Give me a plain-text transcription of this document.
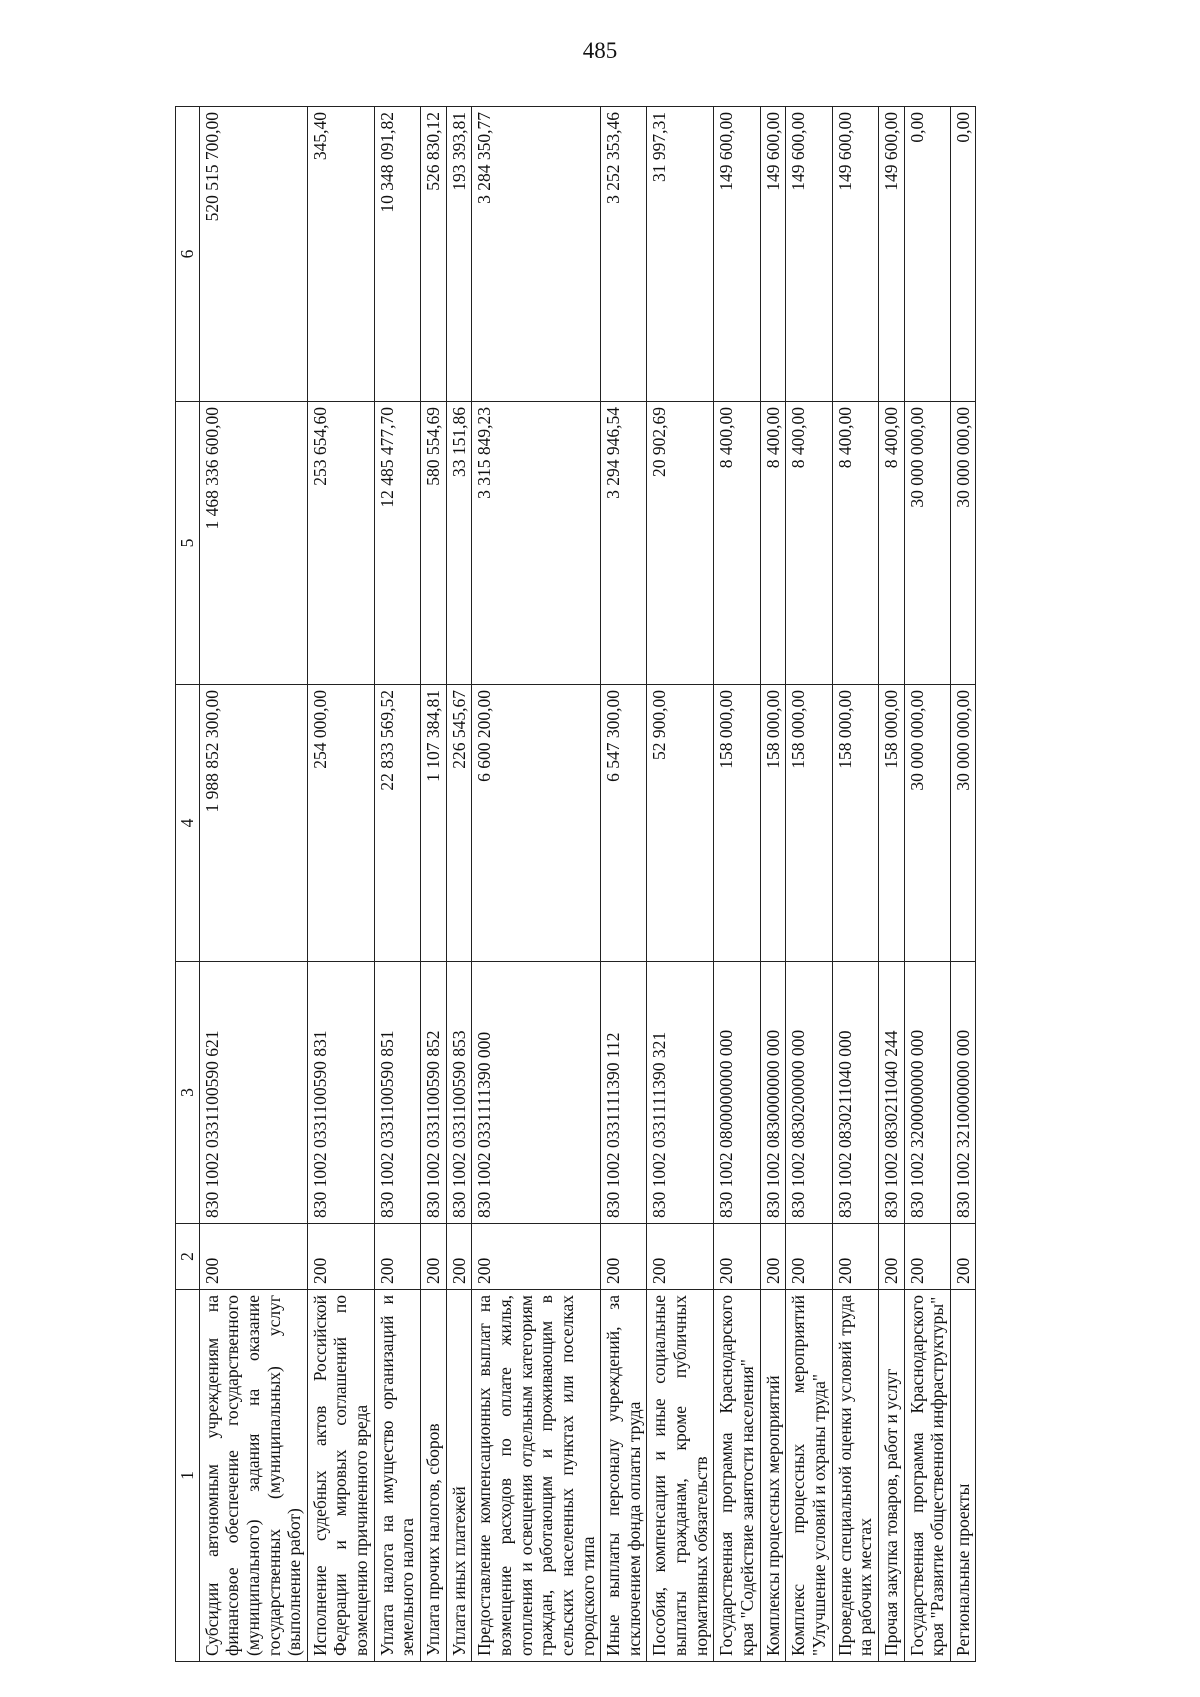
485
1	2	3	4	5	6
Субсидии автономным учреждениям на финансовое обеспечение государственного (муниципального) задания на оказание государственных (муниципальных) услуг (выполнение работ)	200	830 1002 0331100590 621	1 988 852 300,00	1 468 336 600,00	520 515 700,00
Исполнение судебных актов Российской Федерации и мировых соглашений по возмещению причиненного вреда	200	830 1002 0331100590 831	254 000,00	253 654,60	345,40
Уплата налога на имущество организаций и земельного налога	200	830 1002 0331100590 851	22 833 569,52	12 485 477,70	10 348 091,82
Уплата прочих налогов, сборов	200	830 1002 0331100590 852	1 107 384,81	580 554,69	526 830,12
Уплата иных платежей	200	830 1002 0331100590 853	226 545,67	33 151,86	193 393,81
Предоставление компенсационных выплат на возмещение расходов по оплате жилья, отопления и освещения отдельным категориям граждан, работающим и проживающим в сельских населенных пунктах или поселках городского типа	200	830 1002 0331111390 000	6 600 200,00	3 315 849,23	3 284 350,77
Иные выплаты персоналу учреждений, за исключением фонда оплаты труда	200	830 1002 0331111390 112	6 547 300,00	3 294 946,54	3 252 353,46
Пособия, компенсации и иные социальные выплаты гражданам, кроме публичных нормативных обязательств	200	830 1002 0331111390 321	52 900,00	20 902,69	31 997,31
Государственная программа Краснодарского края "Содействие занятости населения"	200	830 1002 0800000000 000	158 000,00	8 400,00	149 600,00
Комплексы процессных мероприятий	200	830 1002 0830000000 000	158 000,00	8 400,00	149 600,00
Комплекс процессных мероприятий "Улучшение условий и охраны труда"	200	830 1002 0830200000 000	158 000,00	8 400,00	149 600,00
Проведение специальной оценки условий труда на рабочих местах	200	830 1002 0830211040 000	158 000,00	8 400,00	149 600,00
Прочая закупка товаров, работ и услуг	200	830 1002 0830211040 244	158 000,00	8 400,00	149 600,00
Государственная программа Краснодарского края "Развитие общественной инфраструктуры"	200	830 1002 3200000000 000	30 000 000,00	30 000 000,00	0,00
Региональные проекты	200	830 1002 3210000000 000	30 000 000,00	30 000 000,00	0,00
